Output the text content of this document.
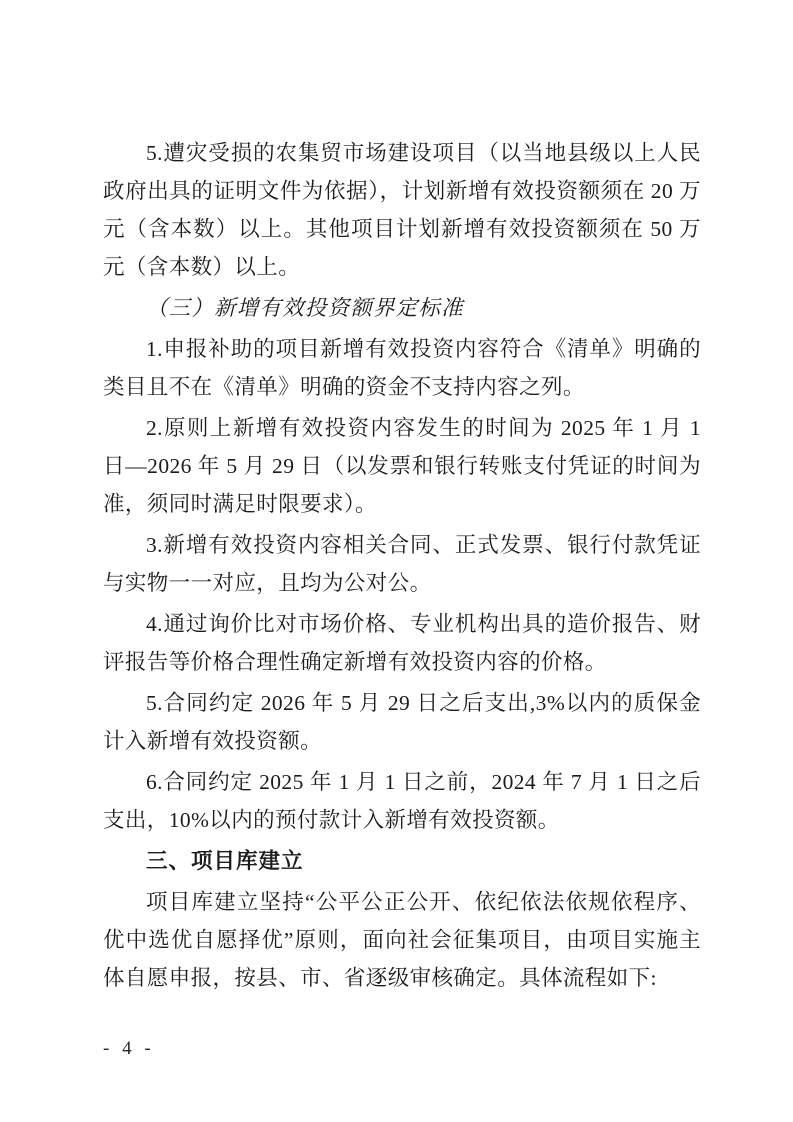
5.遭灾受损的农集贸市场建设项目（以当地县级以上人民政府出具的证明文件为依据），计划新增有效投资额须在 20 万元（含本数）以上。其他项目计划新增有效投资额须在 50 万元（含本数）以上。

（三）新增有效投资额界定标准

1.申报补助的项目新增有效投资内容符合《清单》明确的类目且不在《清单》明确的资金不支持内容之列。

2.原则上新增有效投资内容发生的时间为 2025 年 1 月 1 日—2026 年 5 月 29 日（以发票和银行转账支付凭证的时间为准，须同时满足时限要求）。

3.新增有效投资内容相关合同、正式发票、银行付款凭证与实物一一对应，且均为公对公。

4.通过询价比对市场价格、专业机构出具的造价报告、财评报告等价格合理性确定新增有效投资内容的价格。

5.合同约定 2026 年 5 月 29 日之后支出,3%以内的质保金计入新增有效投资额。

6.合同约定 2025 年 1 月 1 日之前，2024 年 7 月 1 日之后支出，10%以内的预付款计入新增有效投资额。

三、项目库建立

项目库建立坚持“公平公正公开、依纪依法依规依程序、优中选优自愿择优”原则，面向社会征集项目，由项目实施主体自愿申报，按县、市、省逐级审核确定。具体流程如下:

- 4 -
